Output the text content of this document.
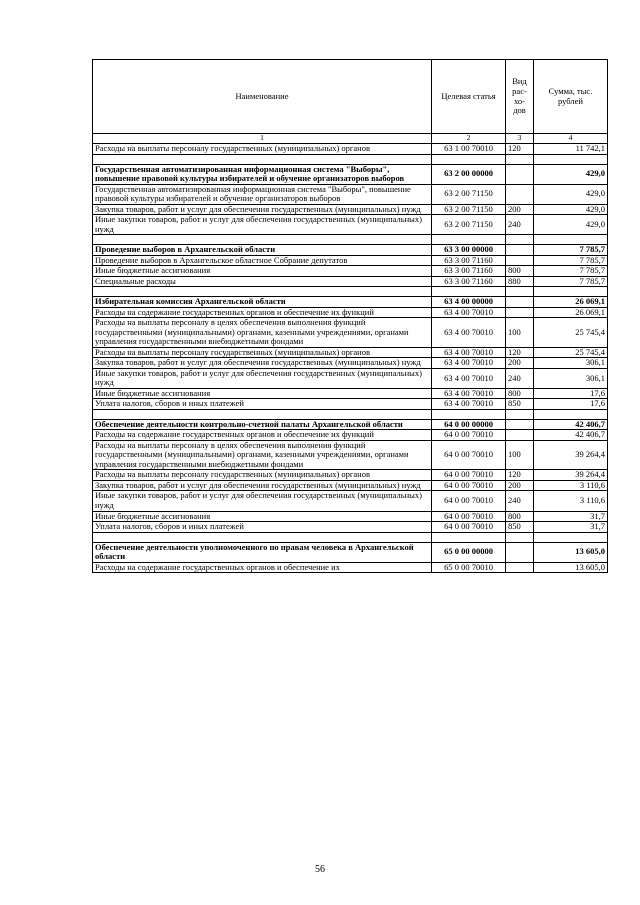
Наименование	Целевая статья	Вид рас-хо-дов	Сумма, тыс. рублей
1	2	3	4
Расходы на выплаты персоналу государственных (муниципальных) органов	63 1 00 70010	120	11 742,1

Государственная автоматизированная информационная система "Выборы", повышение правовой культуры избирателей и обучение организаторов выборов	63 2 00 00000		429,0
Государственная автоматизированная информационная система "Выборы", повышение правовой культуры избирателей и обучение организаторов выборов	63 2 00 71150		429,0
Закупка товаров, работ и услуг для обеспечения государственных (муниципальных) нужд	63 2 00 71150	200	429,0
Иные закупки товаров, работ и услуг для обеспечения государственных (муниципальных) нужд	63 2 00 71150	240	429,0

Проведение выборов в Архангельской области	63 3 00 00000		7 785,7
Проведение выборов в Архангельское областное Собрание депутатов	63 3 00 71160		7 785,7
Иные бюджетные ассигнования	63 3 00 71160	800	7 785,7
Специальные расходы	63 3 00 71160	880	7 785,7

Избирательная комиссия Архангельской области	63 4 00 00000		26 069,1
Расходы на содержание государственных органов и обеспечение их функций	63 4 00 70010		26 069,1
Расходы на выплаты персоналу в целях обеспечения выполнения функций государственными (муниципальными) органами, казенными учреждениями, органами управления государственными внебюджетными фондами	63 4 00 70010	100	25 745,4
Расходы на выплаты персоналу государственных (муниципальных) органов	63 4 00 70010	120	25 745,4
Закупка товаров, работ и услуг для обеспечения государственных (муниципальных) нужд	63 4 00 70010	200	306,1
Иные закупки товаров, работ и услуг для обеспечения государственных (муниципальных) нужд	63 4 00 70010	240	306,1
Иные бюджетные ассигнования	63 4 00 70010	800	17,6
Уплата налогов, сборов и иных платежей	63 4 00 70010	850	17,6

Обеспечение деятельности контрольно-счетной палаты Архангельской области	64 0 00 00000		42 406,7
Расходы на содержание государственных органов и обеспечение их функций	64 0 00 70010		42 406,7
Расходы на выплаты персоналу в целях обеспечения выполнения функций государственными (муниципальными) органами, казенными учреждениями, органами управления государственными внебюджетными фондами	64 0 00 70010	100	39 264,4
Расходы на выплаты персоналу государственных (муниципальных) органов	64 0 00 70010	120	39 264,4
Закупка товаров, работ и услуг для обеспечения государственных (муниципальных) нужд	64 0 00 70010	200	3 110,6
Иные закупки товаров, работ и услуг для обеспечения государственных (муниципальных) нужд	64 0 00 70010	240	3 110,6
Иные бюджетные ассигнования	64 0 00 70010	800	31,7
Уплата налогов, сборов и иных платежей	64 0 00 70010	850	31,7

Обеспечение деятельности уполномоченного по правам человека в Архангельской области	65 0 00 00000		13 605,0
Расходы на содержание государственных органов и обеспечение их	65 0 00 70010		13 605,0
56
